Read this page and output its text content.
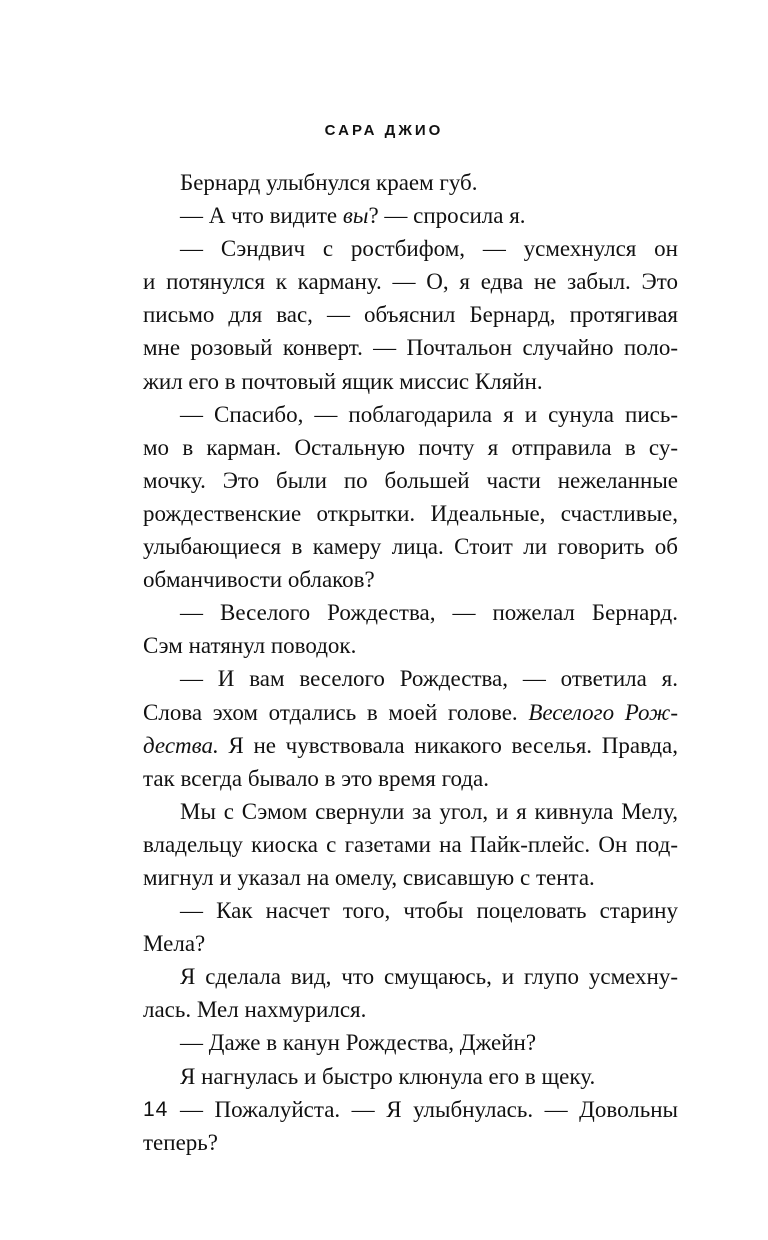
САРА ДЖИО
Бернард улыбнулся краем губ.
— А что видите вы? — спросила я.
— Сэндвич с ростбифом, — усмехнулся он
и потянулся к карману. — О, я едва не забыл. Это
письмо для вас, — объяснил Бернард, протягивая
мне розовый конверт. — Почтальон случайно поло-
жил его в почтовый ящик миссис Кляйн.
— Спасибо, — поблагодарила я и сунула пись-
мо в карман. Остальную почту я отправила в су-
мочку. Это были по большей части нежеланные
рождественские открытки. Идеальные, счастливые,
улыбающиеся в камеру лица. Стоит ли говорить об
обманчивости облаков?
— Веселого Рождества, — пожелал Бернард.
Сэм натянул поводок.
— И вам веселого Рождества, — ответила я.
Слова эхом отдались в моей голове. Веселого Рож-
дества. Я не чувствовала никакого веселья. Правда,
так всегда бывало в это время года.
Мы с Сэмом свернули за угол, и я кивнула Мелу,
владельцу киоска с газетами на Пайк-плейс. Он под-
мигнул и указал на омелу, свисавшую с тента.
— Как насчет того, чтобы поцеловать старину
Мела?
Я сделала вид, что смущаюсь, и глупо усмехну-
лась. Мел нахмурился.
— Даже в канун Рождества, Джейн?
Я нагнулась и быстро клюнула его в щеку.
— Пожалуйста. — Я улыбнулась. — Довольны
теперь?
14
